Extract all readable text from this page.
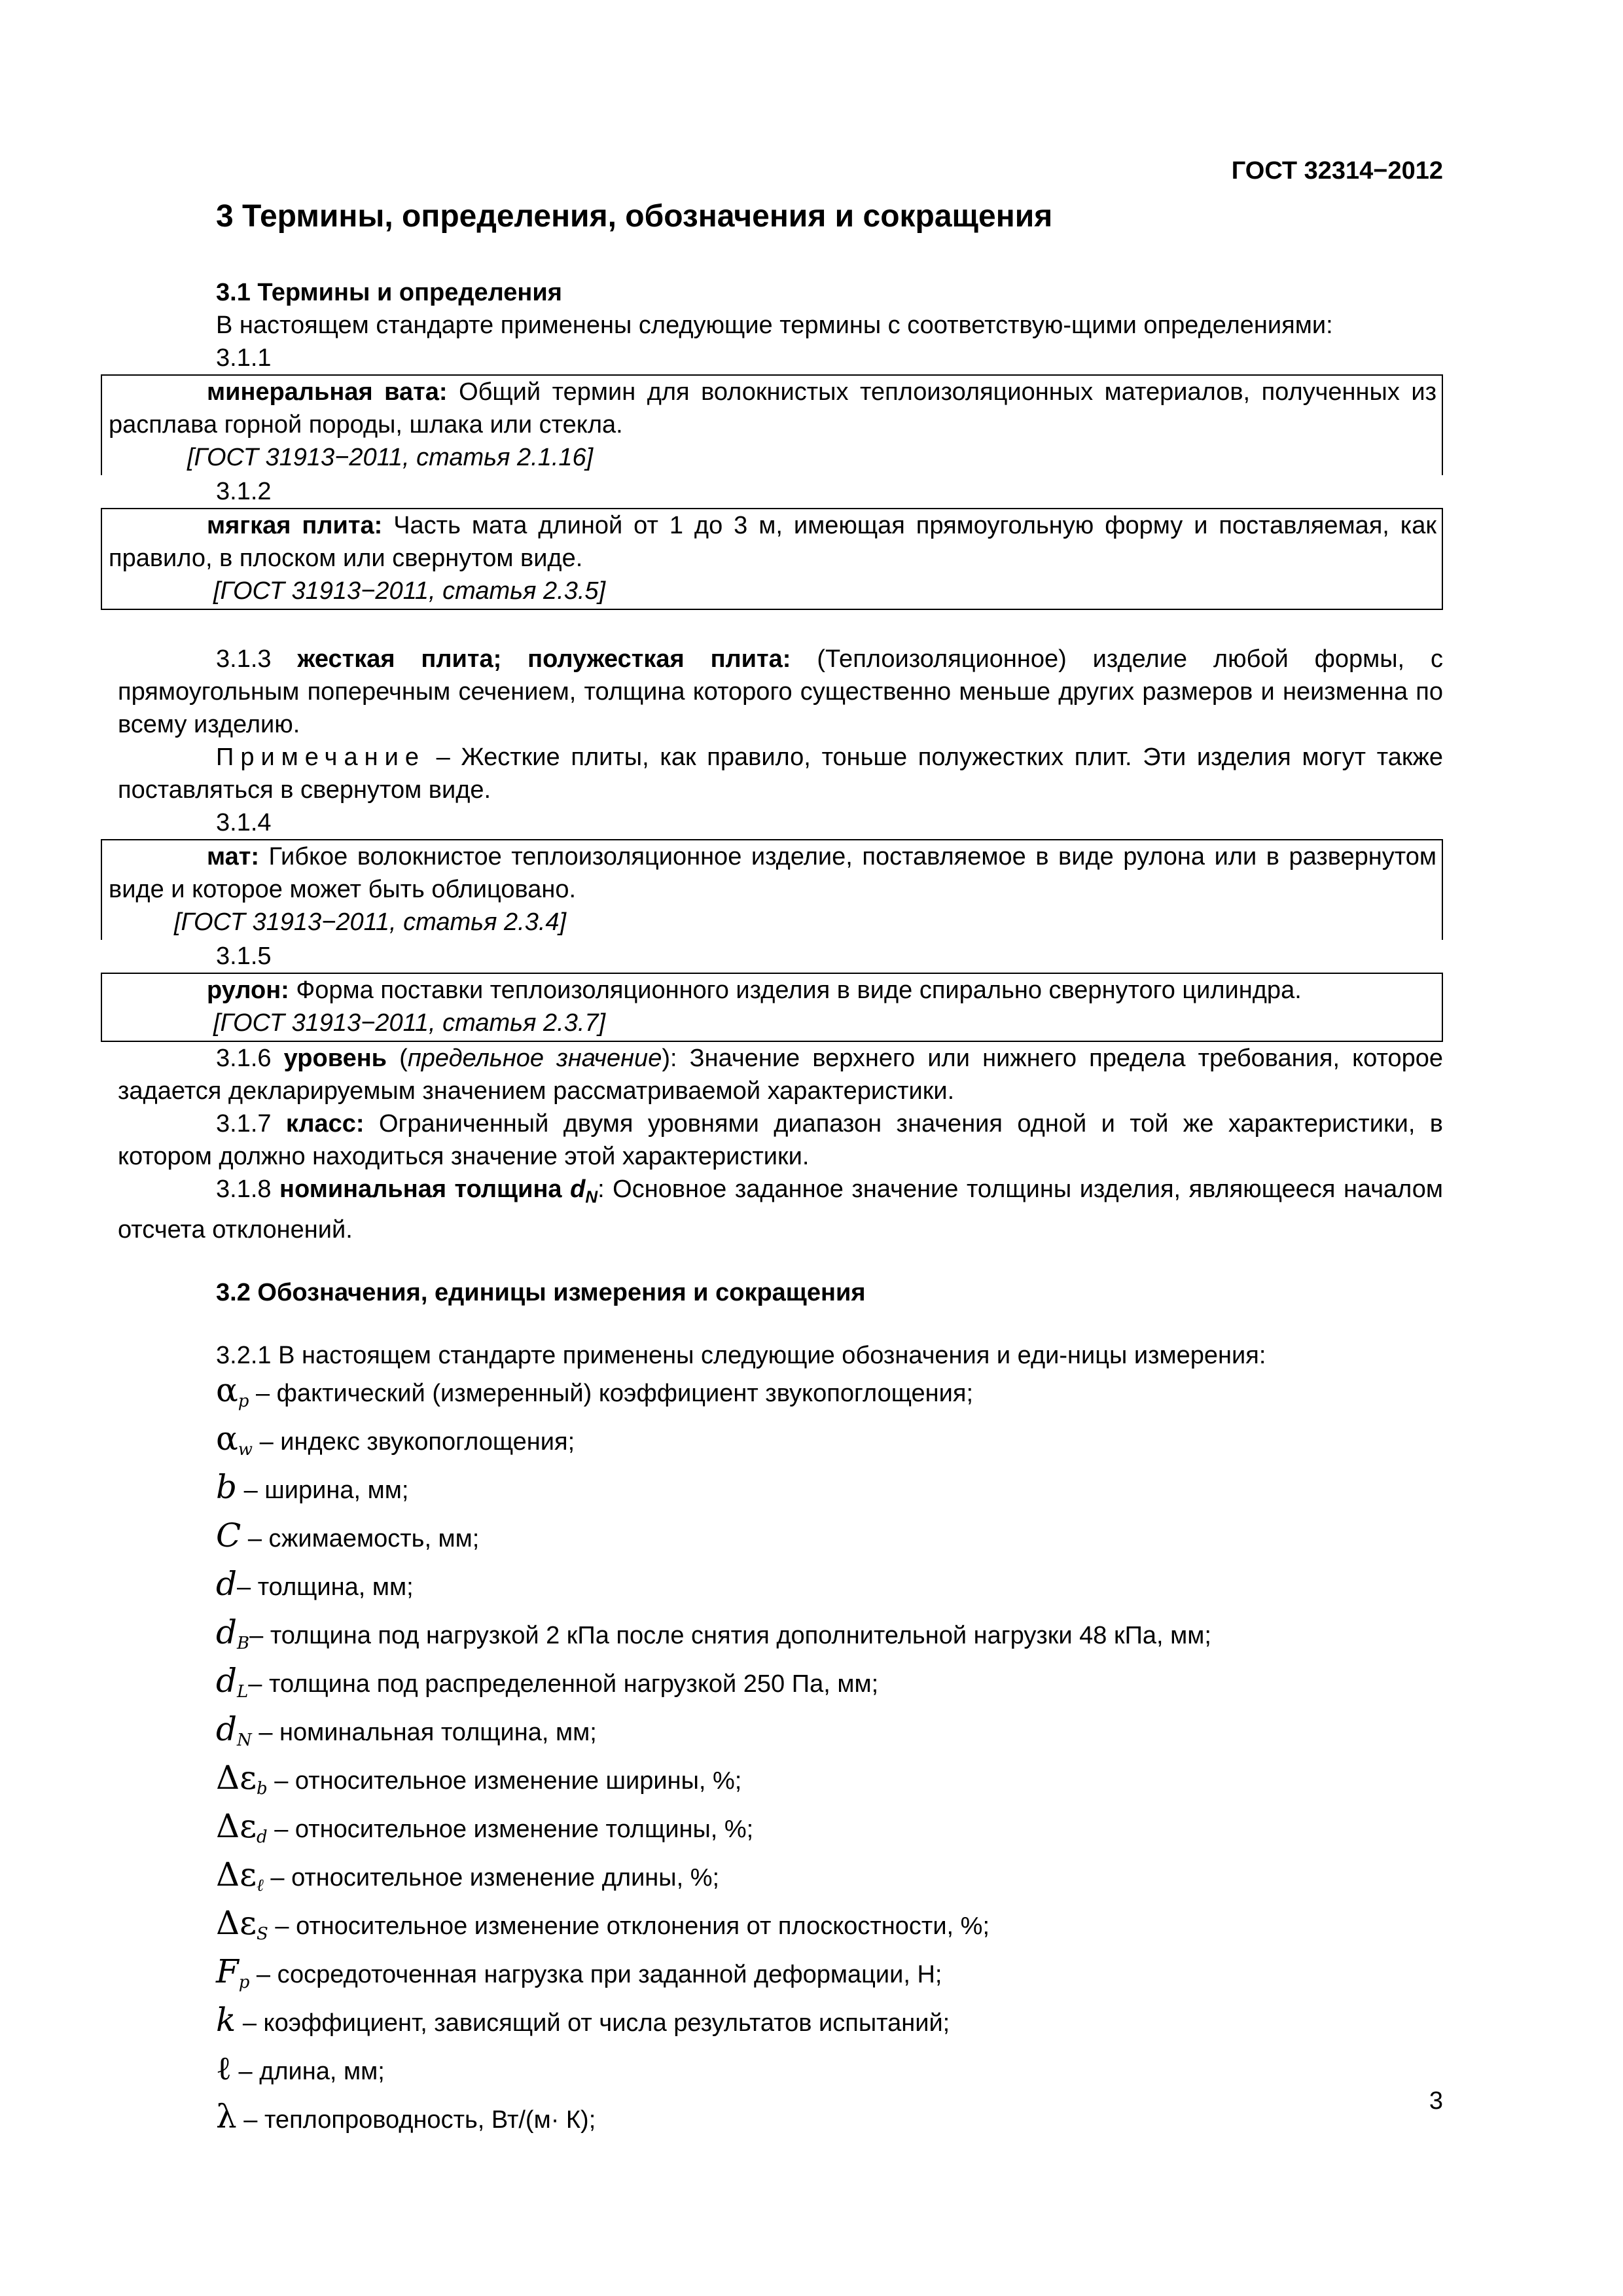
ГОСТ 32314−2012
3 Термины, определения, обозначения и сокращения
3.1 Термины и определения

В настоящем стандарте применены следующие термины с соответствую-щими определениями:

3.1.1

минеральная вата: Общий термин для волокнистых теплоизоляционных материалов, полученных из расплава горной породы, шлака или стекла.

[ГОСТ 31913−2011, статья 2.1.16]

3.1.2

мягкая плита: Часть мата длиной от 1 до 3 м, имеющая прямоугольную форму и поставляемая, как правило, в плоском или свернутом виде.

[ГОСТ 31913−2011, статья 2.3.5]

3.1.3 жесткая плита; полужесткая плита: (Теплоизоляционное) изделие любой формы, с прямоугольным поперечным сечением, толщина которого существенно меньше других размеров и неизменна по всему изделию.

Примечание – Жесткие плиты, как правило, тоньше полужестких плит. Эти изделия могут также поставляться в свернутом виде.

3.1.4

мат: Гибкое волокнистое теплоизоляционное изделие, поставляемое в виде рулона или в развернутом виде и которое может быть облицовано.

[ГОСТ 31913−2011, статья 2.3.4]

3.1.5

рулон: Форма поставки теплоизоляционного изделия в виде спирально свернутого цилиндра.

[ГОСТ 31913−2011, статья 2.3.7]

3.1.6 уровень (предельное значение): Значение верхнего или нижнего предела требования, которое задается декларируемым значением рассматриваемой характеристики.

3.1.7 класс: Ограниченный двумя уровнями диапазон значения одной и той же характеристики, в котором должно находиться значение этой характеристики.

3.1.8 номинальная толщина $d_N$: Основное заданное значение толщины изделия, являющееся началом отсчета отклонений.

3.2 Обозначения, единицы измерения и сокращения

3.2.1 В настоящем стандарте применены следующие обозначения и еди-ницы измерения:

$\alpha_p$ – фактический (измеренный) коэффициент звукопоглощения;
$\alpha_w$ – индекс звукопоглощения;
b – ширина, мм;
C – сжимаемость, мм;
d– толщина, мм;
$d_B-$ толщина под нагрузкой 2 кПа после снятия дополнительной нагрузки 48 кПа, мм;
$d_L-$ толщина под распределенной нагрузкой 250 Па, мм;
$d_N$ – номинальная толщина, мм;
$\Delta\varepsilon_b$ – относительное изменение ширины, %;
$\Delta\varepsilon_d$ – относительное изменение толщины, %;
$\Delta\varepsilon_\ell$ – относительное изменение длины, %;
$\Delta\varepsilon_S$ – относительное изменение отклонения от плоскостности, %;
$F_p$ – сосредоточенная нагрузка при заданной деформации, Н;
k – коэффициент, зависящий от числа результатов испытаний;
ℓ – длина, мм;
λ – теплопроводность, Вт/(м· К);
3
